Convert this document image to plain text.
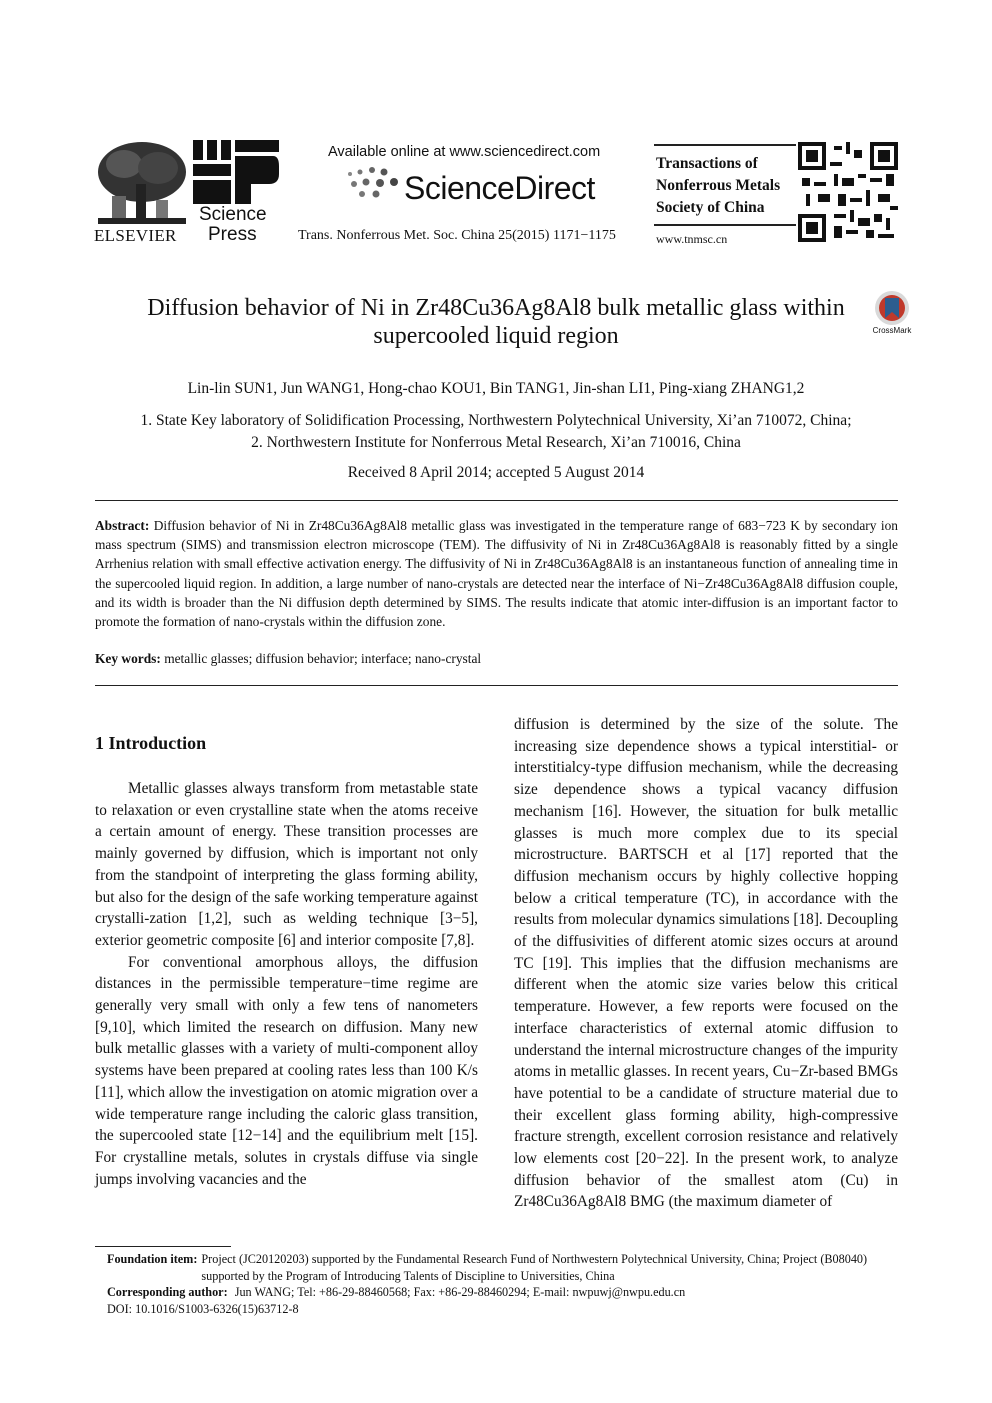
ELSEVIER
Science
Press
Available online at www.sciencedirect.com
ScienceDirect
Trans. Nonferrous Met. Soc. China 25(2015) 1171−1175
Transactions of
Nonferrous Metals
Society of China
www.tnmsc.cn
Diffusion behavior of Ni in Zr48Cu36Ag8Al8 bulk metallic glass within
supercooled liquid region	CrossMark
Lin-lin SUN1, Jun WANG1, Hong-chao KOU1, Bin TANG1, Jin-shan LI1, Ping-xiang ZHANG1,2
1. State Key laboratory of Solidification Processing, Northwestern Polytechnical University, Xi’an 710072, China;
2. Northwestern Institute for Nonferrous Metal Research, Xi’an 710016, China
Received 8 April 2014; accepted 5 August 2014
Abstract: Diffusion behavior of Ni in Zr48Cu36Ag8Al8 metallic glass was investigated in the temperature range of 683−723 K by secondary ion mass spectrum (SIMS) and transmission electron microscope (TEM). The diffusivity of Ni in Zr48Cu36Ag8Al8 is reasonably fitted by a single Arrhenius relation with small effective activation energy. The diffusivity of Ni in Zr48Cu36Ag8Al8 is an instantaneous function of annealing time in the supercooled liquid region. In addition, a large number of nano-crystals are detected near the interface of Ni−Zr48Cu36Ag8Al8 diffusion couple, and its width is broader than the Ni diffusion depth determined by SIMS. The results indicate that atomic inter-diffusion is an important factor to promote the formation of nano-crystals within the diffusion zone.
Key words: metallic glasses; diffusion behavior; interface; nano-crystal
1 Introduction

Metallic glasses always transform from metastable state to relaxation or even crystalline state when the atoms receive a certain amount of energy. These transition processes are mainly governed by diffusion, which is important not only from the standpoint of interpreting the glass forming ability, but also for the design of the safe working temperature against crystalli-zation [1,2], such as welding technique [3−5], exterior geometric composite [6] and interior composite [7,8].

For conventional amorphous alloys, the diffusion distances in the permissible temperature−time regime are generally very small with only a few tens of nanometers [9,10], which limited the research on diffusion. Many new bulk metallic glasses with a variety of multi-component alloy systems have been prepared at cooling rates less than 100 K/s [11], which allow the investigation on atomic migration over a wide temperature range including the caloric glass transition, the supercooled state [12−14] and the equilibrium melt [15]. For crystalline metals, solutes in crystals diffuse via single jumps involving vacancies and the

diffusion is determined by the size of the solute. The increasing size dependence shows a typical interstitial- or interstitialcy-type diffusion mechanism, while the decreasing size dependence shows a typical vacancy diffusion mechanism [16]. However, the situation for bulk metallic glasses is much more complex due to its special microstructure. BARTSCH et al [17] reported that the diffusion mechanism occurs by highly collective hopping below a critical temperature (TC), in accordance with the results from molecular dynamics simulations [18]. Decoupling of the diffusivities of different atomic sizes occurs at around TC [19]. This implies that the diffusion mechanisms are different when the atomic size varies below this critical temperature. However, a few reports were focused on the interface characteristics of external atomic diffusion to understand the internal microstructure changes of the impurity atoms in metallic glasses. In recent years, Cu−Zr-based BMGs have potential to be a candidate of structure material due to their excellent glass forming ability, high-compressive fracture strength, excellent corrosion resistance and relatively low elements cost [20−22]. In the present work, to analyze diffusion behavior of the smallest atom (Cu) in Zr48Cu36Ag8Al8 BMG (the maximum diameter of

Foundation item: Project (JC20120203) supported by the Fundamental Research Fund of Northwestern Polytechnical University, China; Project (B08040) supported by the Program of Introducing Talents of Discipline to Universities, China
Corresponding author: Jun WANG; Tel: +86-29-88460568; Fax: +86-29-88460294; E-mail: nwpuwj@nwpu.edu.cn
DOI: 10.1016/S1003-6326(15)63712-8
